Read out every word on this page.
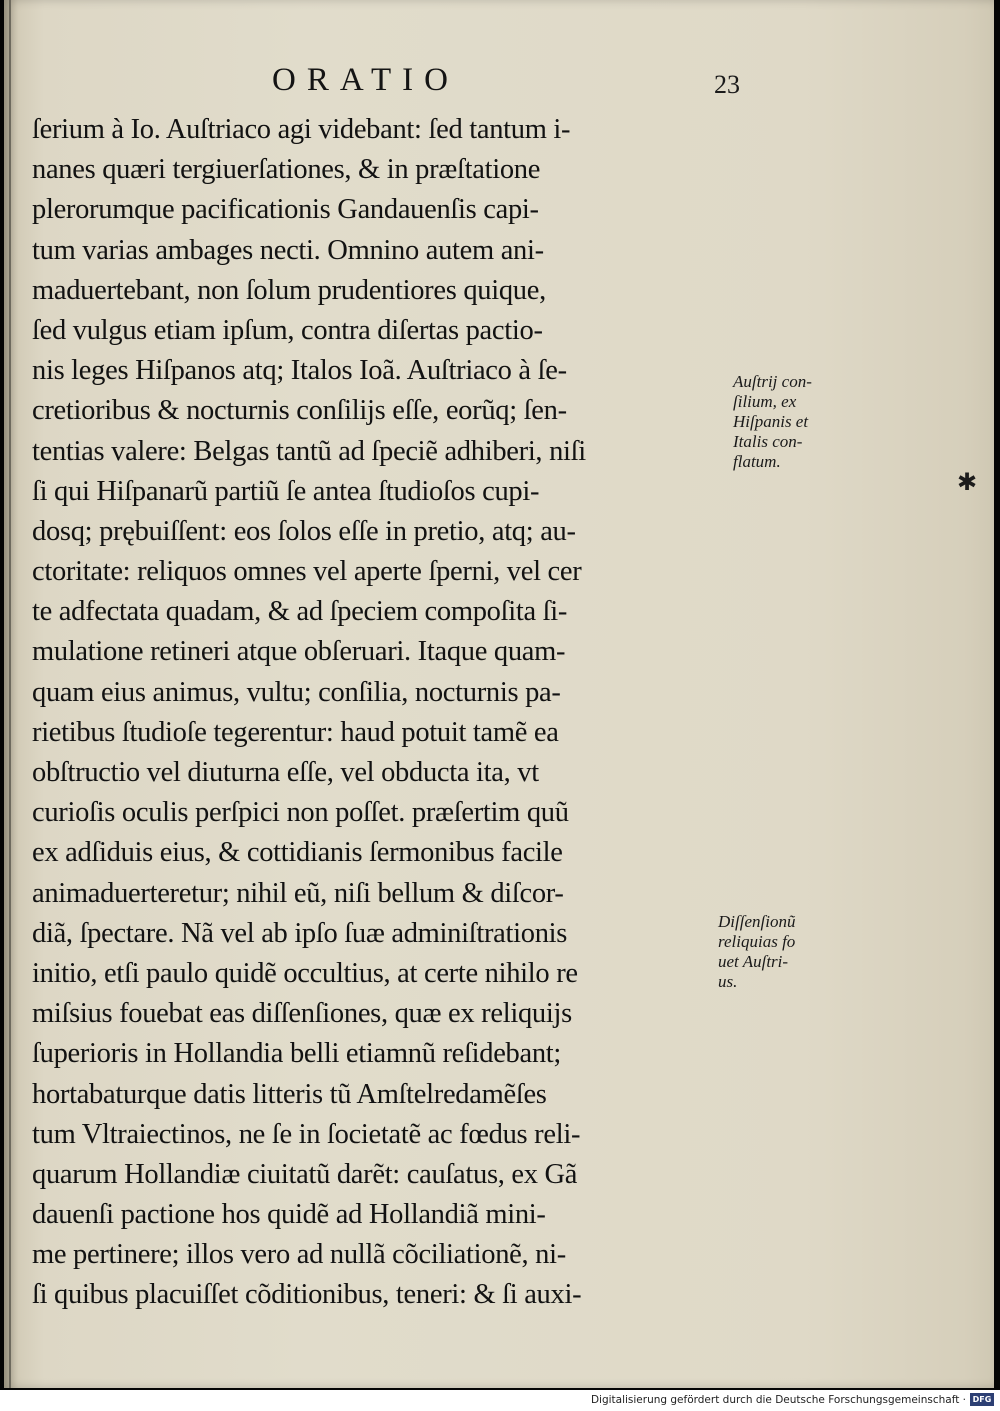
ORATIO	23
ſerium à Io. Auſtriaco agi videbant: ſed tantum i-
nanes quæri tergiuerſationes, & in præſtatione
plerorumque pacificationis Gandauenſis capi-
tum varias ambages necti. Omnino autem ani-
maduertebant, non ſolum prudentiores quique,
ſed vulgus etiam ipſum, contra diſertas pactio-
nis leges Hiſpanos atq; Italos Ioã. Auſtriaco à ſe-
cretioribus & nocturnis conſilijs eſſe, eorũq; ſen-
tentias valere: Belgas tantũ ad ſpeciẽ adhiberi, niſi
ſi qui Hiſpanarũ partiũ ſe antea ſtudioſos cupi-
dosq; prębuiſſent: eos ſolos eſſe in pretio, atq; au-
ctoritate: reliquos omnes vel aperte ſperni, vel cer
te adfectata quadam, & ad ſpeciem compoſita ſi-
mulatione retineri atque obſeruari. Itaque quam-
quam eius animus, vultu; conſilia, nocturnis pa-
rietibus ſtudioſe tegerentur: haud potuit tamẽ ea
obſtructio vel diuturna eſſe, vel obducta ita, vt
curioſis oculis perſpici non poſſet. præſertim quũ
ex adſiduis eius, & cottidianis ſermonibus facile
animaduerteretur; nihil eũ, niſi bellum & diſcor-
diã, ſpectare. Nã vel ab ipſo ſuæ adminiſtrationis
initio, etſi paulo quidẽ occultius, at certe nihilo re
miſsius fouebat eas diſſenſiones, quæ ex reliquijs
ſuperioris in Hollandia belli etiamnũ reſidebant;
hortabaturque datis litteris tũ Amſtelredamẽſes
tum Vltraiectinos, ne ſe in ſocietatẽ ac fœdus reli-
quarum Hollandiæ ciuitatũ darẽt: cauſatus, ex Gã
dauenſi pactione hos quidẽ ad Hollandiã mini-
me pertinere; illos vero ad nullã cõciliationẽ, ni-
ſi quibus placuiſſet cõditionibus, teneri: & ſi auxi-
Auſtrij con-
ſilium, ex
Hiſpanis et
Italis con-
flatum.
Diſſenſionũ
reliquias fo
uet Auſtri-
us.
✱
Digitalisierung gefördert durch die Deutsche Forschungsgemeinschaft · DFG
